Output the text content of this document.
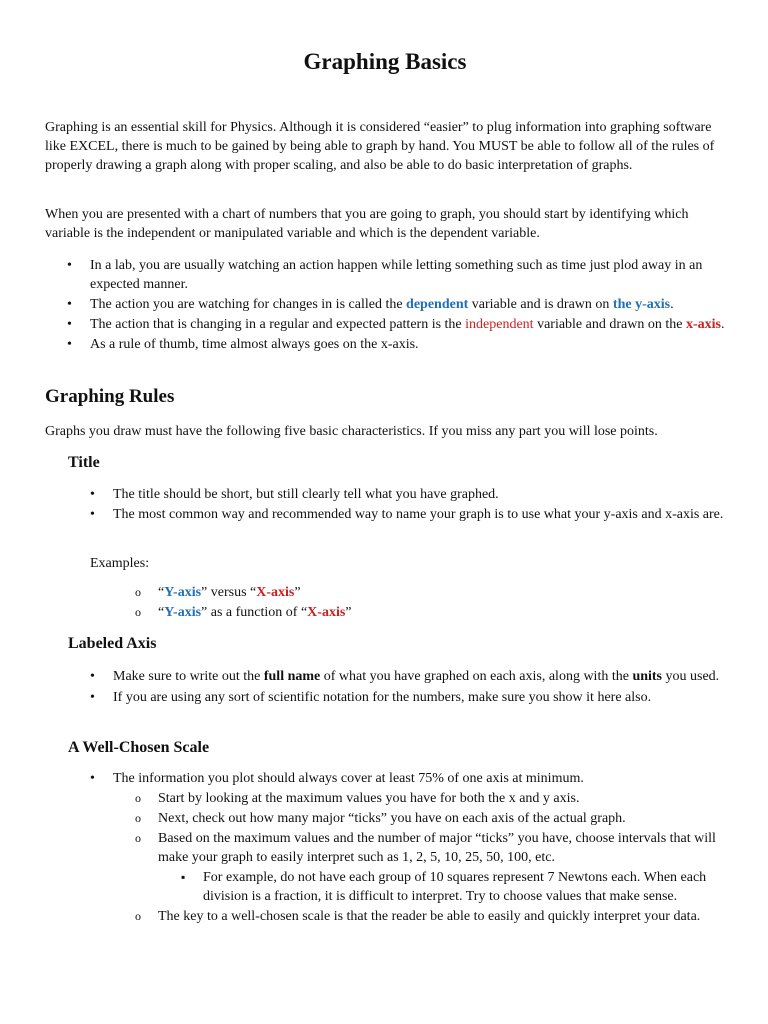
Graphing Basics

Graphing is an essential skill for Physics. Although it is considered “easier” to plug information into graphing software like EXCEL, there is much to be gained by being able to graph by hand. You MUST be able to follow all of the rules of properly drawing a graph along with proper scaling, and also be able to do basic interpretation of graphs.

When you are presented with a chart of numbers that you are going to graph, you should start by identifying which variable is the independent or manipulated variable and which is the dependent variable.

• In a lab, you are usually watching an action happen while letting something such as time just plod away in an expected manner.
• The action you are watching for changes in is called the dependent variable and is drawn on the y-axis.
• The action that is changing in a regular and expected pattern is the independent variable and drawn on the x-axis.
• As a rule of thumb, time almost always goes on the x-axis.
Graphing Rules

Graphs you draw must have the following five basic characteristics. If you miss any part you will lose points.

Title
• The title should be short, but still clearly tell what you have graphed.
• The most common way and recommended way to name your graph is to use what your y-axis and x-axis are.

Examples:

o “Y-axis” versus “X-axis”
o “Y-axis” as a function of “X-axis”
Labeled Axis
• Make sure to write out the full name of what you have graphed on each axis, along with the units you used.
• If you are using any sort of scientific notation for the numbers, make sure you show it here also.
A Well-Chosen Scale
• The information you plot should always cover at least 75% of one axis at minimum.
o Start by looking at the maximum values you have for both the x and y axis.
o Next, check out how many major “ticks” you have on each axis of the actual graph.
o Based on the maximum values and the number of major “ticks” you have, choose intervals that will make your graph to easily interpret such as 1, 2, 5, 10, 25, 50, 100, etc.
▪ For example, do not have each group of 10 squares represent 7 Newtons each. When each division is a fraction, it is difficult to interpret. Try to choose values that make sense.
o The key to a well-chosen scale is that the reader be able to easily and quickly interpret your data.
